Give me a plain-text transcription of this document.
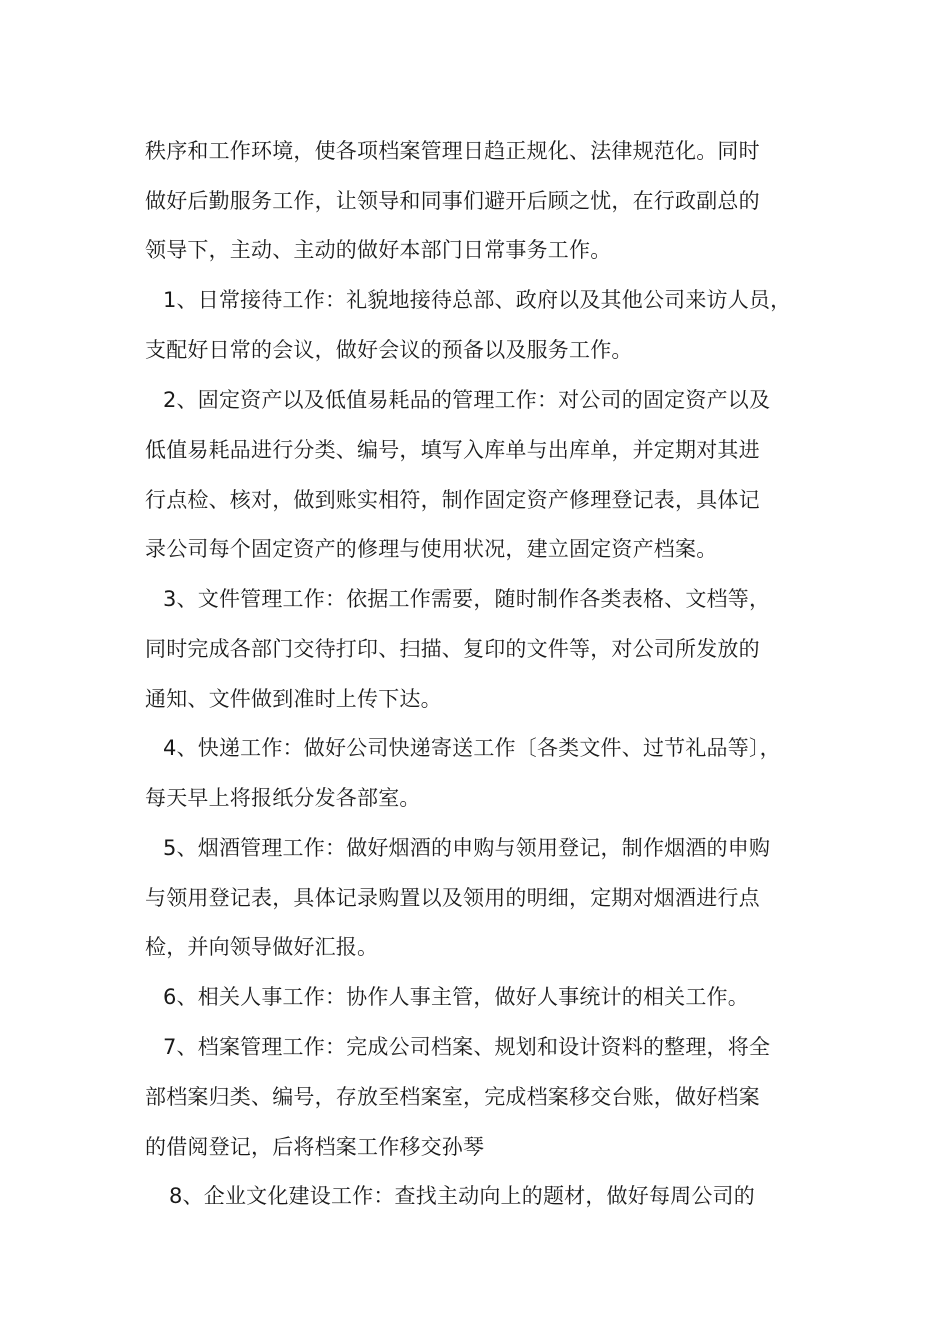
秩序和工作环境，使各项档案管理日趋正规化、法律规范化。同时
做好后勤服务工作，让领导和同事们避开后顾之忧，在行政副总的
领导下，主动、主动的做好本部门日常事务工作。
1、日常接待工作：礼貌地接待总部、政府以及其他公司来访人员，
支配好日常的会议，做好会议的预备以及服务工作。
2、固定资产以及低值易耗品的管理工作：对公司的固定资产以及
低值易耗品进行分类、编号，填写入库单与出库单，并定期对其进
行点检、核对，做到账实相符，制作固定资产修理登记表，具体记
录公司每个固定资产的修理与使用状况，建立固定资产档案。
3、文件管理工作：依据工作需要，随时制作各类表格、文档等，
同时完成各部门交待打印、扫描、复印的文件等，对公司所发放的
通知、文件做到准时上传下达。
4、快递工作：做好公司快递寄送工作〔各类文件、过节礼品等〕，
每天早上将报纸分发各部室。
5、烟酒管理工作：做好烟酒的申购与领用登记，制作烟酒的申购
与领用登记表，具体记录购置以及领用的明细，定期对烟酒进行点
检，并向领导做好汇报。
6、相关人事工作：协作人事主管，做好人事统计的相关工作。
7、档案管理工作：完成公司档案、规划和设计资料的整理，将全
部档案归类、编号，存放至档案室，完成档案移交台账，做好档案
的借阅登记，后将档案工作移交孙琴
8、企业文化建设工作：查找主动向上的题材，做好每周公司的
